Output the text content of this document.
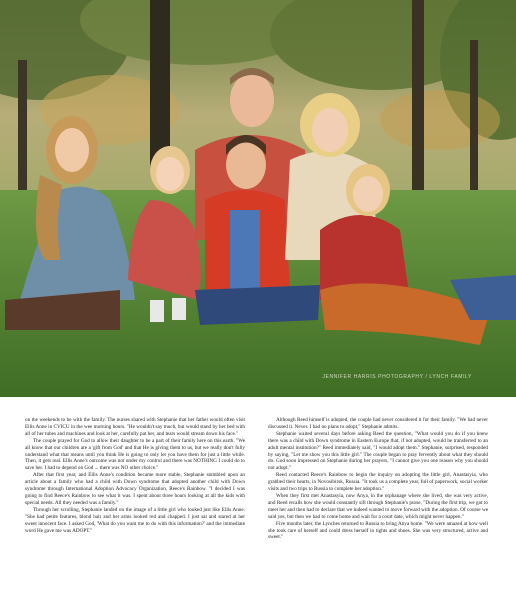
JENNIFER HARRIS PHOTOGRAPHY / LYNCH FAMILY

on the weekends to be with the family. The nurses shared with Stephanie that her father would often visit Ellis Anne in CVICU in the wee morning hours. "He wouldn't say much, but would stand by her bed with all of her tubes and machines and look at her, carefully pat her, and tears would stream down his face."

The couple prayed for God to allow their daughter to be a part of their family here on this earth. "We all know that our children are a 'gift from God' and that He is giving them to us, but we really don't fully understand what that means until you think He is going to only let you have them for just a little while. Then, it gets real. Ellis Anne's outcome was not under my control and there was NOTHING I could do to save her. I had to depend on God ... there was NO other choice."

After that first year, and Ellis Anne's condition became more stable, Stephanie stumbled upon an article about a family who had a child with Down syndrome that adopted another child with Down syndrome through International Adoption Advocacy Organization, Reece's Rainbow. "I decided I was going to find Reece's Rainbow to see what it was. I spent about three hours looking at all the kids with special needs. All they needed was a family."

Through her scrolling, Stephanie landed on the image of a little girl who looked just like Ellis Anne. "She had petite features, blond hair and her arms looked red and chapped. I just sat and stared at her sweet innocent face. I asked God, 'What do you want me to do with this information?' and the immediate word He gave me was ADOPT."

Although Reed himself is adopted, the couple had never considered it for their family. "We had never discussed it. Never. I had no plans to adopt," Stephanie admits.

Stephanie waited several days before asking Reed the question, "What would you do if you knew there was a child with Down syndrome in Eastern Europe that, if not adopted, would be transferred to an adult mental institution?" Reed immediately said, "I would adopt them." Stephanie, surprised, responded by saying, "Let me show you this little girl." The couple began to pray fervently about what they should do. God soon impressed on Stephanie during her prayers, "I cannot give you one reason why you should not adopt."

Reed contacted Reece's Rainbow to begin the inquiry on adopting the little girl, Anastasyia, who grabbed their hearts, in Novosibirsk, Russia. "It took us a complete year, full of paperwork, social worker visits and two trips to Russia to complete her adoption."

When they first met Anastasyia, now Anya, in the orphanage where she lived, she was very active, and Reed recalls how she would constantly sift through Stephanie's purse. "During the first trip, we got to meet her and then had to declare that we indeed wanted to move forward with the adoption. Of course we said yes, but then we had to come home and wait for a court date, which might never happen."

Five months later, the Lynches returned to Russia to bring Anya home. "We were amazed at how well she took care of herself and could dress herself in tights and shoes. She was very structured, active and sweet."
